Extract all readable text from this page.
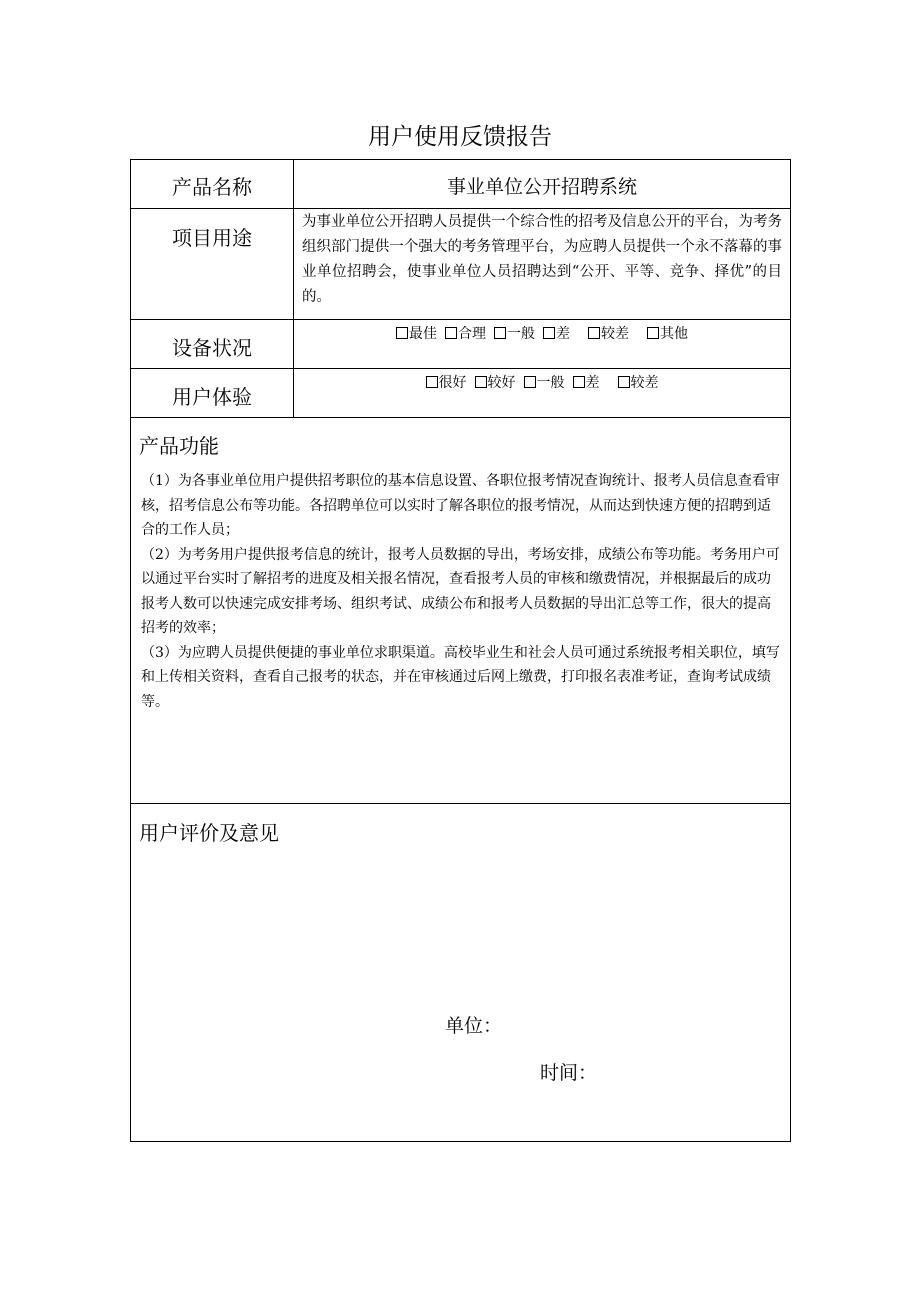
用户使用反馈报告
产品名称	事业单位公开招聘系统

项目用途	为事业单位公开招聘人员提供一个综合性的招考及信息公开的平台，为考务组织部门提供一个强大的考务管理平台，为应聘人员提供一个永不落幕的事业单位招聘会，使事业单位人员招聘达到“公开、平等、竞争、择优”的目的。

设备状况	最佳 合理 一般 差 较差 其他

用户体验	很好 较好 一般 差 较差

产品功能

（1）为各事业单位用户提供招考职位的基本信息设置、各职位报考情况查询统计、报考人员信息查看审核，招考信息公布等功能。各招聘单位可以实时了解各职位的报考情况，从而达到快速方便的招聘到适合的工作人员；

（2）为考务用户提供报考信息的统计，报考人员数据的导出，考场安排，成绩公布等功能。考务用户可以通过平台实时了解招考的进度及相关报名情况，查看报考人员的审核和缴费情况，并根据最后的成功报考人数可以快速完成安排考场、组织考试、成绩公布和报考人员数据的导出汇总等工作，很大的提高招考的效率；

（3）为应聘人员提供便捷的事业单位求职渠道。高校毕业生和社会人员可通过系统报考相关职位，填写和上传相关资料，查看自己报考的状态，并在审核通过后网上缴费，打印报名表准考证，查询考试成绩等。	

用户评价及意见	
单位：
时间：
